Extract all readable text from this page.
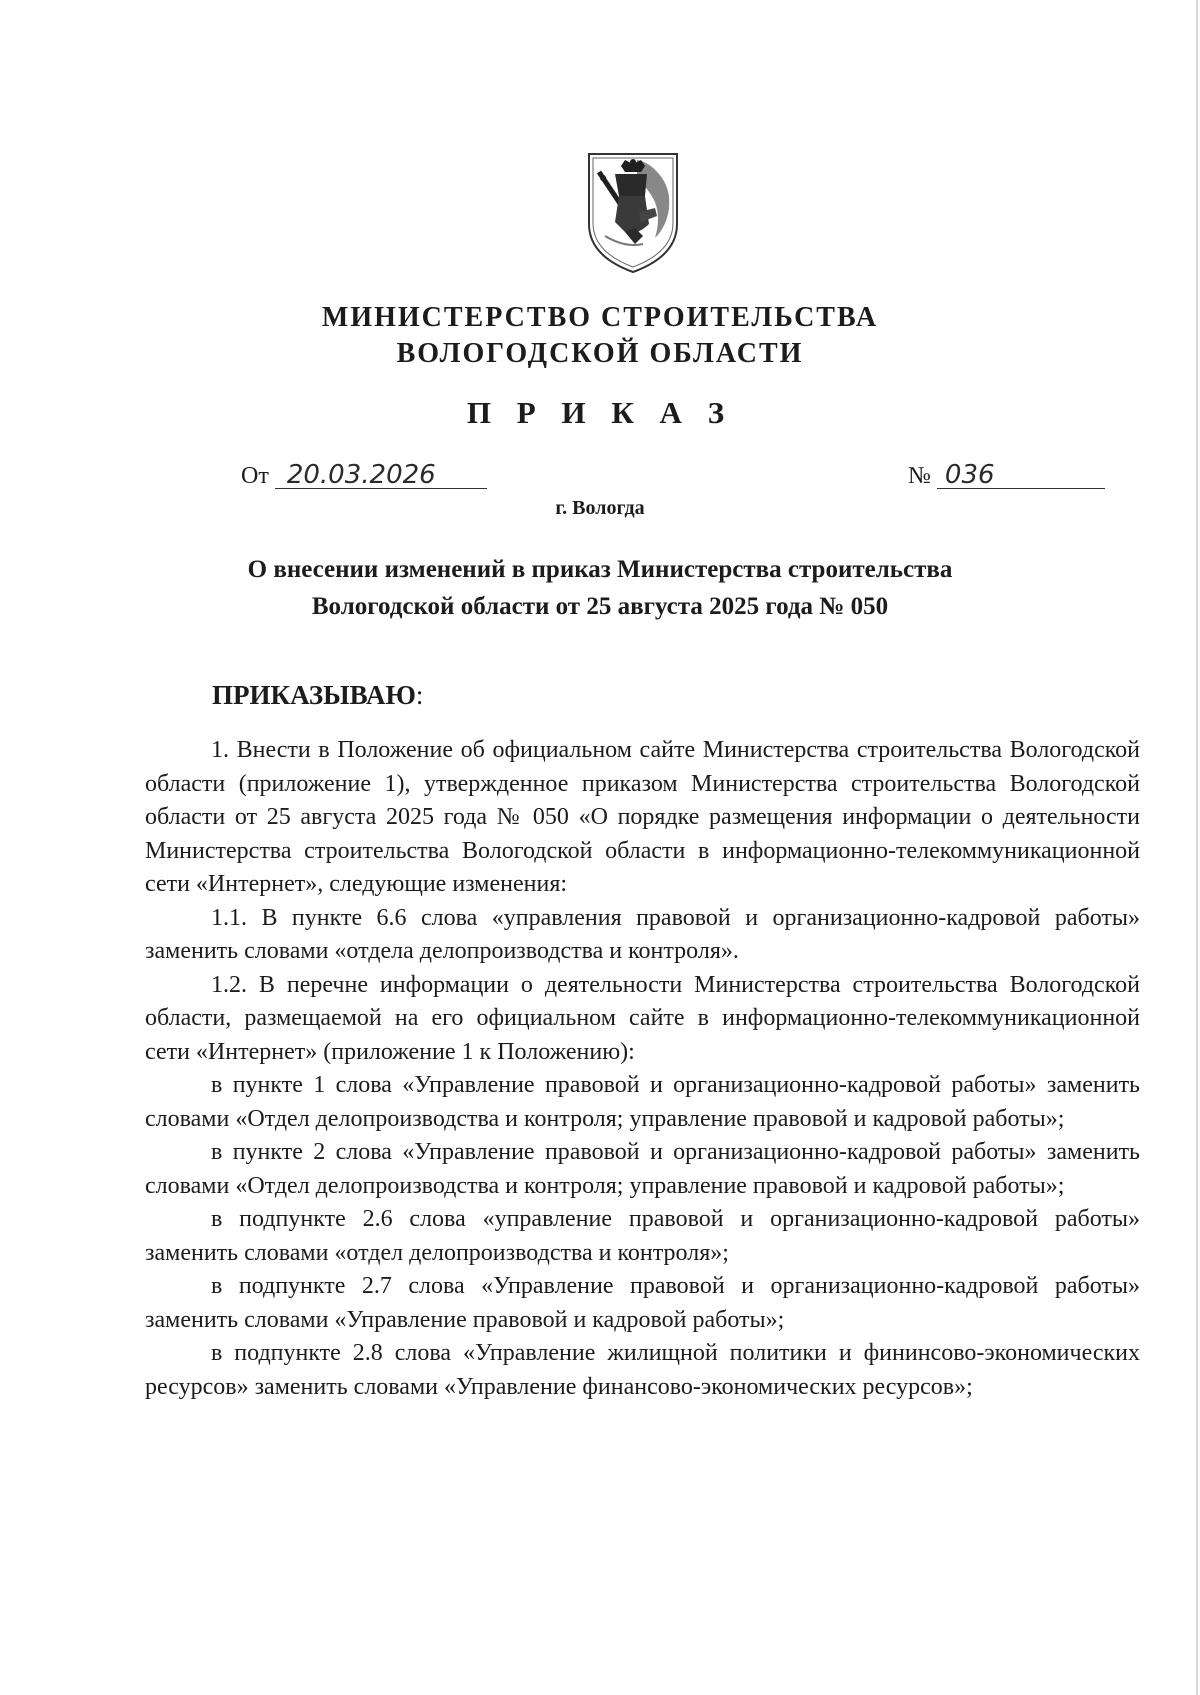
МИНИСТЕРСТВО СТРОИТЕЛЬСТВА
ВОЛОГОДСКОЙ ОБЛАСТИ
П Р И К А З
От 20.03.2026	№ 036
г. Вологда
О внесении изменений в приказ Министерства строительства
Вологодской области от 25 августа 2025 года № 050
ПРИКАЗЫВАЮ:

1. Внести в Положение об официальном сайте Министерства строительства Вологодской области (приложение 1), утвержденное приказом Министерства строительства Вологодской области от 25 августа 2025 года № 050 «О порядке размещения информации о деятельности Министерства строительства Вологодской области в информационно-телекоммуникационной сети «Интернет», следующие изменения:

1.1. В пункте 6.6 слова «управления правовой и организационно-кадровой работы» заменить словами «отдела делопроизводства и контроля».

1.2. В перечне информации о деятельности Министерства строительства Вологодской области, размещаемой на его официальном сайте в информационно-телекоммуникационной сети «Интернет» (приложение 1 к Положению):

в пункте 1 слова «Управление правовой и организационно-кадровой работы» заменить словами «Отдел делопроизводства и контроля; управление правовой и кадровой работы»;

в пункте 2 слова «Управление правовой и организационно-кадровой работы» заменить словами «Отдел делопроизводства и контроля; управление правовой и кадровой работы»;

в подпункте 2.6 слова «управление правовой и организационно-кадровой работы» заменить словами «отдел делопроизводства и контроля»;

в подпункте 2.7 слова «Управление правовой и организационно-кадровой работы» заменить словами «Управление правовой и кадровой работы»;

в подпункте 2.8 слова «Управление жилищной политики и фининсово-экономических ресурсов» заменить словами «Управление финансово-экономических ресурсов»;
